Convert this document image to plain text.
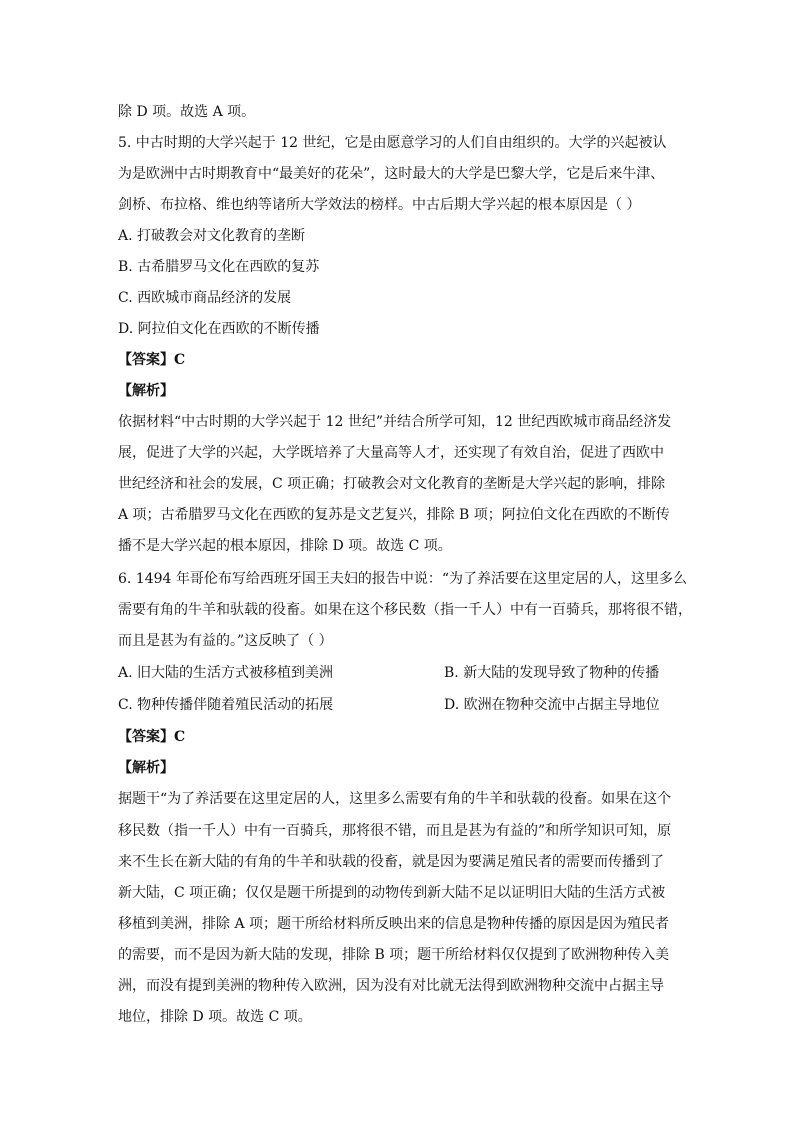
除 D 项。故选 A 项。
5. 中古时期的大学兴起于 12 世纪，它是由愿意学习的人们自由组织的。大学的兴起被认
为是欧洲中古时期教育中“最美好的花朵”，这时最大的大学是巴黎大学，它是后来牛津、
剑桥、布拉格、维也纳等诸所大学效法的榜样。中古后期大学兴起的根本原因是（ ）
A. 打破教会对文化教育的垄断
B. 古希腊罗马文化在西欧的复苏
C. 西欧城市商品经济的发展
D. 阿拉伯文化在西欧的不断传播
【答案】C
【解析】
依据材料“中古时期的大学兴起于 12 世纪”并结合所学可知，12 世纪西欧城市商品经济发
展，促进了大学的兴起，大学既培养了大量高等人才，还实现了有效自治，促进了西欧中
世纪经济和社会的发展，C 项正确；打破教会对文化教育的垄断是大学兴起的影响，排除
A 项；古希腊罗马文化在西欧的复苏是文艺复兴，排除 B 项；阿拉伯文化在西欧的不断传
播不是大学兴起的根本原因，排除 D 项。故选 C 项。
6. 1494 年哥伦布写给西班牙国王夫妇的报告中说：“为了养活要在这里定居的人，这里多么
需要有角的牛羊和驮载的役畜。如果在这个移民数（指一千人）中有一百骑兵，那将很不错，
而且是甚为有益的。”这反映了（ ）
A. 旧大陆的生活方式被移植到美洲	B. 新大陆的发现导致了物种的传播
C. 物种传播伴随着殖民活动的拓展	D. 欧洲在物种交流中占据主导地位
【答案】C
【解析】
据题干“为了养活要在这里定居的人，这里多么需要有角的牛羊和驮载的役畜。如果在这个
移民数（指一千人）中有一百骑兵，那将很不错，而且是甚为有益的”和所学知识可知，原
来不生长在新大陆的有角的牛羊和驮载的役畜，就是因为要满足殖民者的需要而传播到了
新大陆，C 项正确；仅仅是题干所提到的动物传到新大陆不足以证明旧大陆的生活方式被
移植到美洲，排除 A 项；题干所给材料所反映出来的信息是物种传播的原因是因为殖民者
的需要，而不是因为新大陆的发现，排除 B 项；题干所给材料仅仅提到了欧洲物种传入美
洲，而没有提到美洲的物种传入欧洲，因为没有对比就无法得到欧洲物种交流中占据主导
地位，排除 D 项。故选 C 项。
